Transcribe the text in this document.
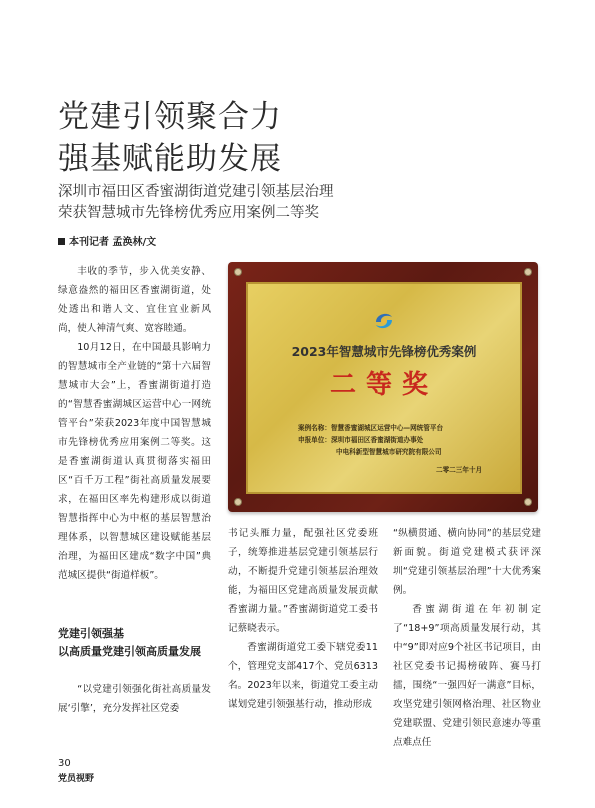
党建引领聚合力
强基赋能助发展
深圳市福田区香蜜湖街道党建引领基层治理
荣获智慧城市先锋榜优秀应用案例二等奖
本刊记者 孟涣林/文
2023年智慧城市先锋榜优秀案例
二等奖
案例名称：智慧香蜜湖城区运营中心—网统管平台
申报单位：深圳市福田区香蜜湖街道办事处
中电科新型智慧城市研究院有限公司
二零二三年十月

丰收的季节，步入优美安静、绿意盎然的福田区香蜜湖街道，处处透出和谐人文、宜住宜业新风尚，使人神清气爽、宽容睦通。

10月12日，在中国最具影响力的智慧城市全产业链的“第十六届智慧城市大会”上，香蜜湖街道打造的“智慧香蜜湖城区运营中心一网统管平台”荣获2023年度中国智慧城市先锋榜优秀应用案例二等奖。这是香蜜湖街道认真贯彻落实福田区“百千万工程”街社高质量发展要求，在福田区率先构建形成以街道智慧指挥中心为中枢的基层智慧治理体系，以智慧城区建设赋能基层治理，为福田区建成“数字中国”典范城区提供“街道样板”。

党建引领强基
以高质量党建引领高质量发展

“以党建引领强化街社高质量发展‘引擎’，充分发挥社区党委

书记头雁力量，配强社区党委班子，统筹推进基层党建引领基层行动，不断提升党建引领基层治理效能，为福田区党建高质量发展贡献香蜜湖力量。”香蜜湖街道党工委书记蔡晓表示。

香蜜湖街道党工委下辖党委11个，管理党支部417个、党员6313名。2023年以来，街道党工委主动谋划党建引领强基行动，推动形成

“纵横贯通、横向协同”的基层党建新面貌。街道党建模式获评深圳“党建引领基层治理”十大优秀案例。

香蜜湖街道在年初制定了“18+9”项高质量发展行动，其中“9”即对应9个社区书记项目，由社区党委书记揭榜破阵、赛马打擂，围绕“一强四好一满意”目标，攻坚党建引领网格治理、社区物业党建联盟、党建引领民意速办等重点难点任

30
党员视野
